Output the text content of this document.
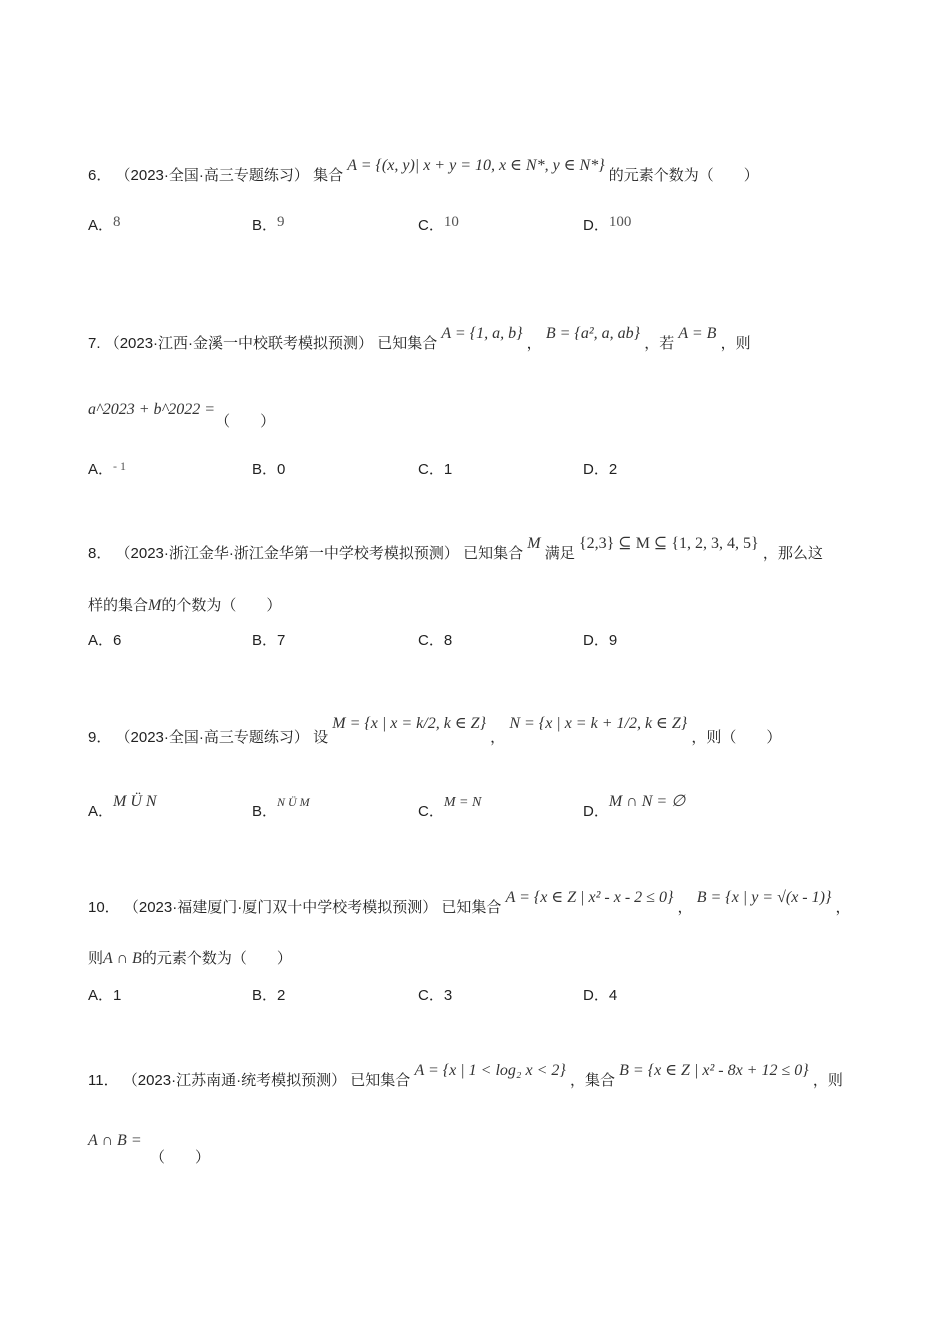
6． （2023·全国·高三专题练习） 集合 A = {(x, y)| x + y = 10, x ∈ N*, y ∈ N*} 的元素个数为（　　）
A．8	B．9	C．10	D．100
7. （2023·江西·金溪一中校联考模拟预测） 已知集合 A = {1, a, b} ， B = {a², a, ab} ，若 A = B ，则
a^2023 + b^2022 =（　　）
A．$^{- 1}$	B．0	C．1	D．2
8． （2023·浙江金华·浙江金华第一中学校考模拟预测） 已知集合 M 满足 {2,3} ⊆ M ⊆ {1, 2, 3, 4, 5} ，那么这
样的集合M的个数为（　　）
A．6	B．7	C．8	D．9
9． （2023·全国·高三专题练习） 设 M = {x | x = k/2, k ∈ Z} ， N = {x | x = k + 1/2, k ∈ Z} ，则（　　）
A．M Ü N
B．$^{N Ü M}$
C．M = N
D．M ∩ N = ∅
10． （2023·福建厦门·厦门双十中学校考模拟预测） 已知集合 A = {x ∈ Z | x² - x - 2 ≤ 0} ， B = {x | y = √(x - 1)} ，
则A ∩ B的元素个数为（　　）
A．1	B．2	C．3	D．4
11． （2023·江苏南通·统考模拟预测） 已知集合 A = {x | 1 < log₂ x < 2} ，集合 B = {x ∈ Z | x² - 8x + 12 ≤ 0} ，则
A ∩ B =
（　　）
